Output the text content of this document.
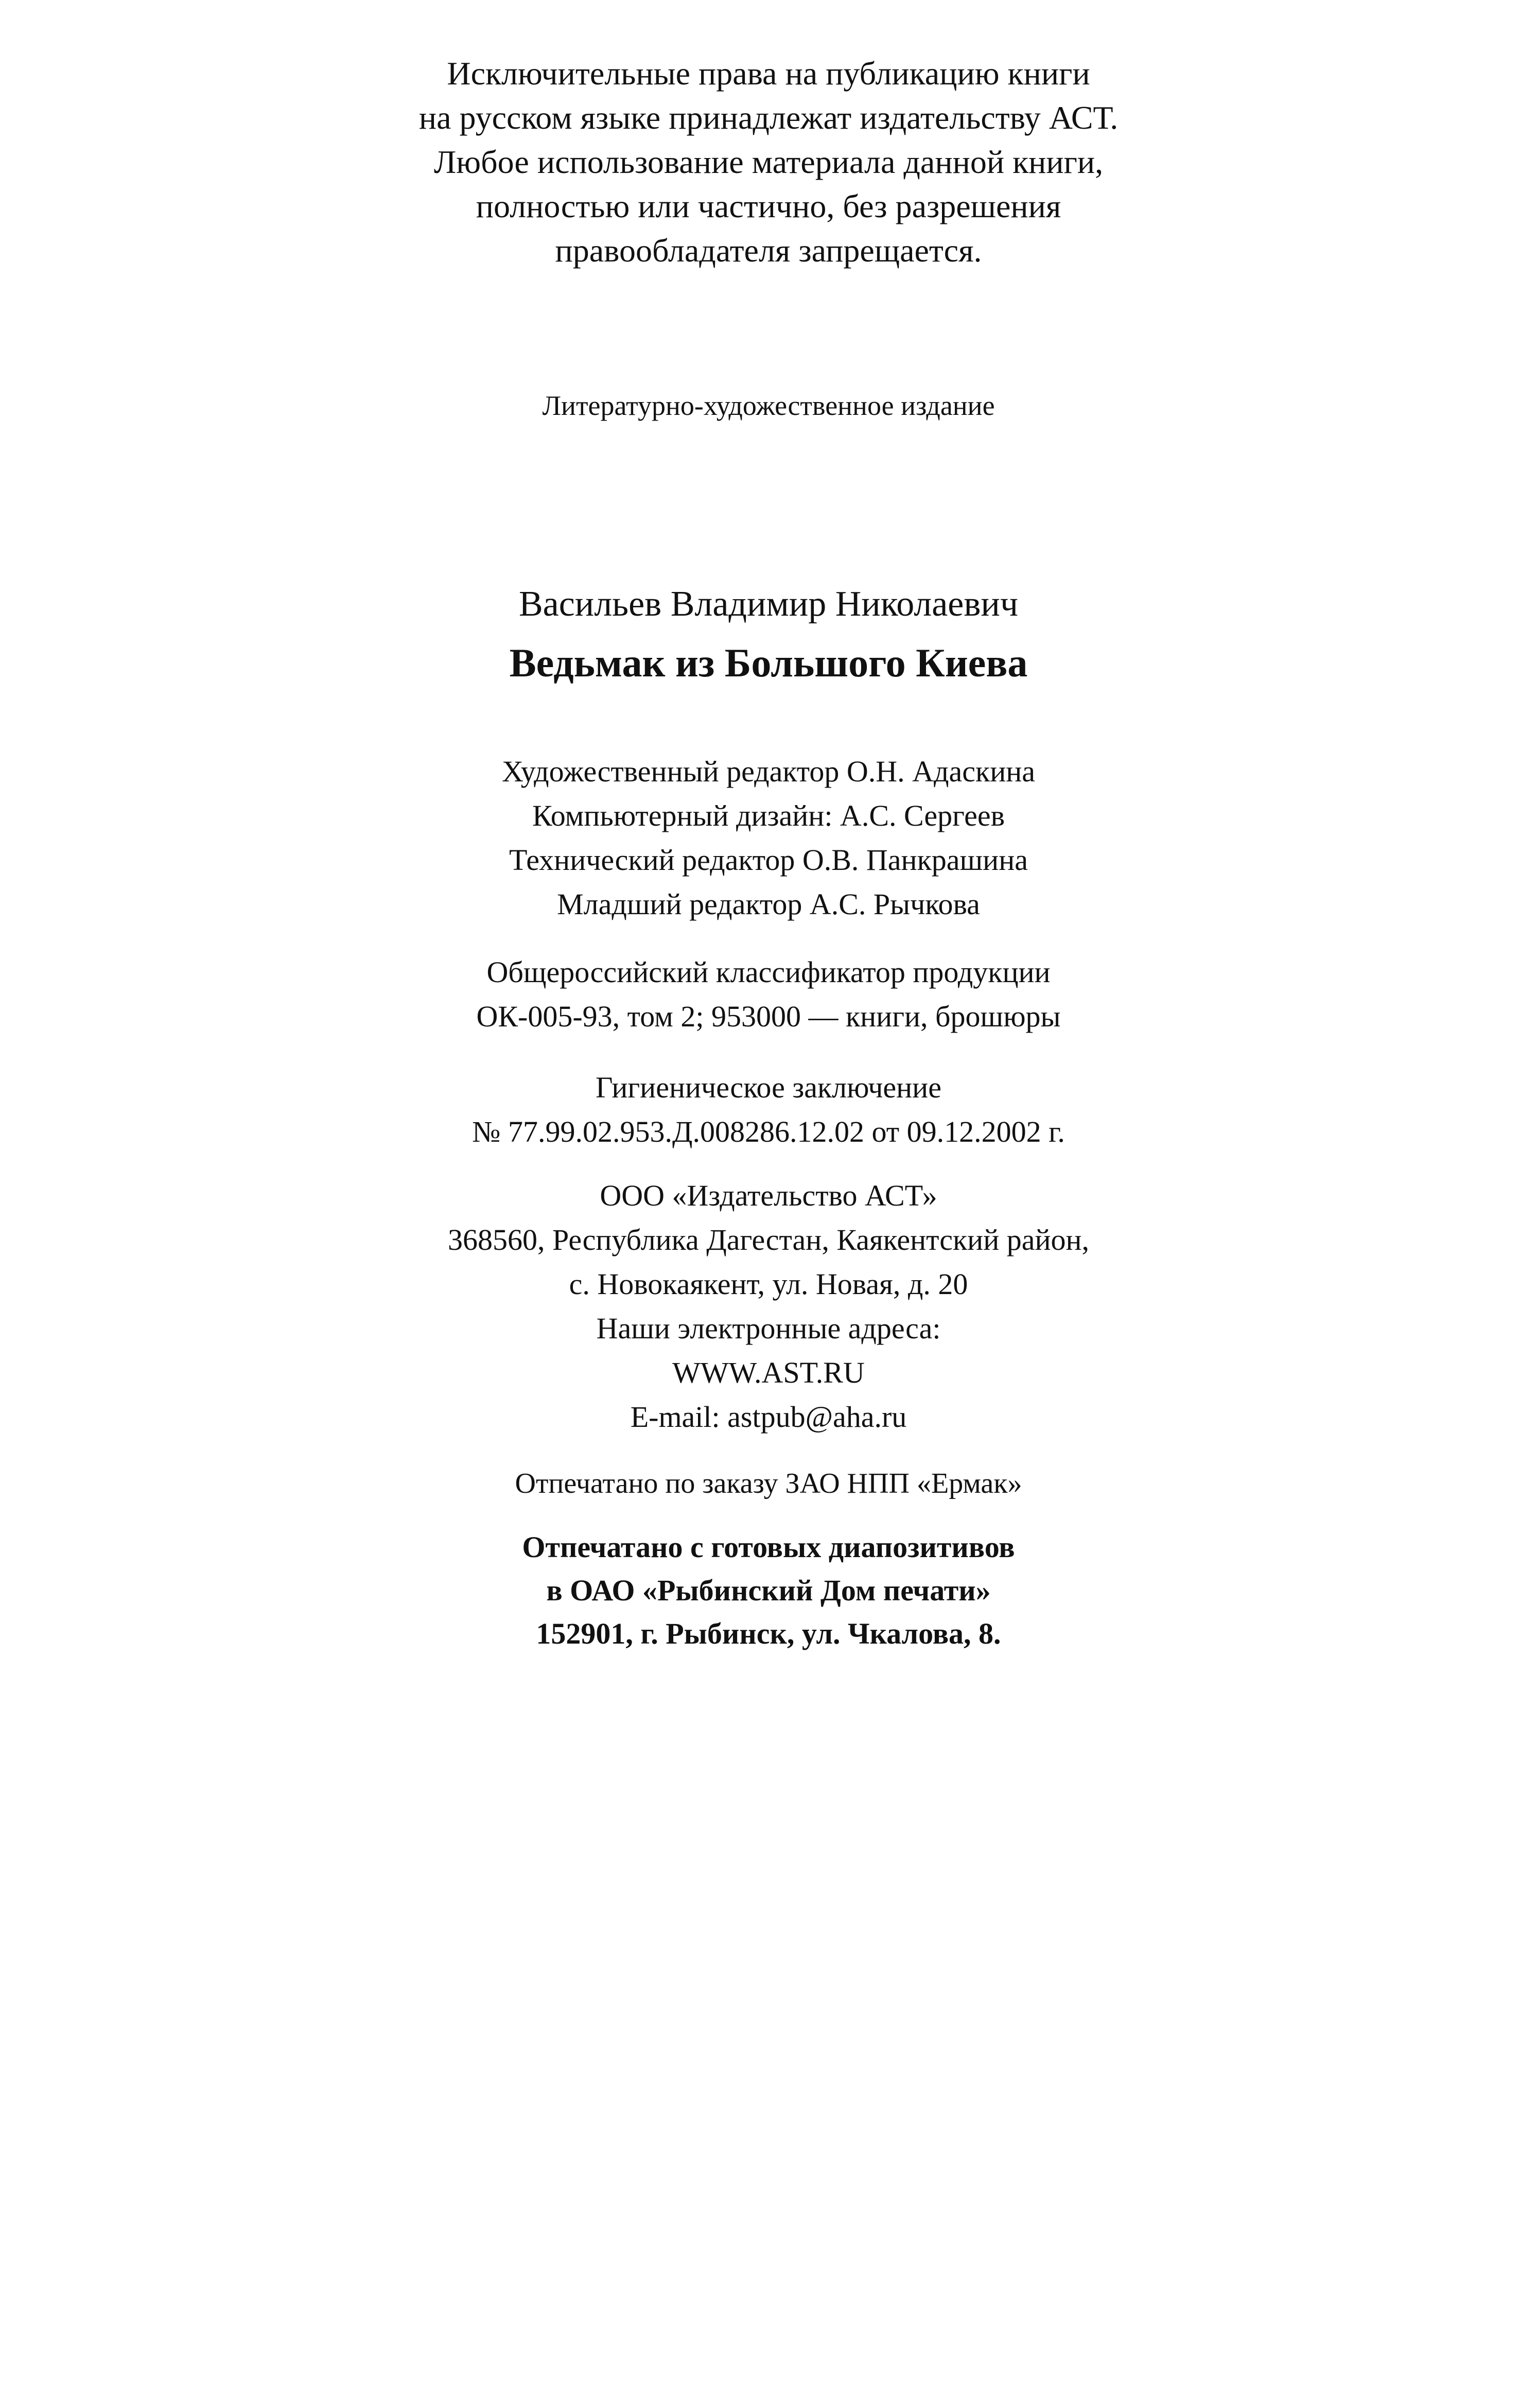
Исключительные права на публикацию книги
на русском языке принадлежат издательству АСТ.
Любое использование материала данной книги,
полностью или частично, без разрешения
правообладателя запрещается.
Литературно-художественное издание
Васильев Владимир Николаевич
Ведьмак из Большого Киева
Художественный редактор О.Н. Адаскина
Компьютерный дизайн: А.С. Сергеев
Технический редактор О.В. Панкрашина
Младший редактор А.С. Рычкова
Общероссийский классификатор продукции
ОК-005-93, том 2; 953000 — книги, брошюры
Гигиеническое заключение
№ 77.99.02.953.Д.008286.12.02 от 09.12.2002 г.
ООО «Издательство АСТ»
368560, Республика Дагестан, Каякентский район,
с. Новокаякент, ул. Новая, д. 20
Наши электронные адреса:
WWW.AST.RU
E-mail: astpub@aha.ru
Отпечатано по заказу ЗАО НПП «Ермак»
Отпечатано с готовых диапозитивов
в ОАО «Рыбинский Дом печати»
152901, г. Рыбинск, ул. Чкалова, 8.
